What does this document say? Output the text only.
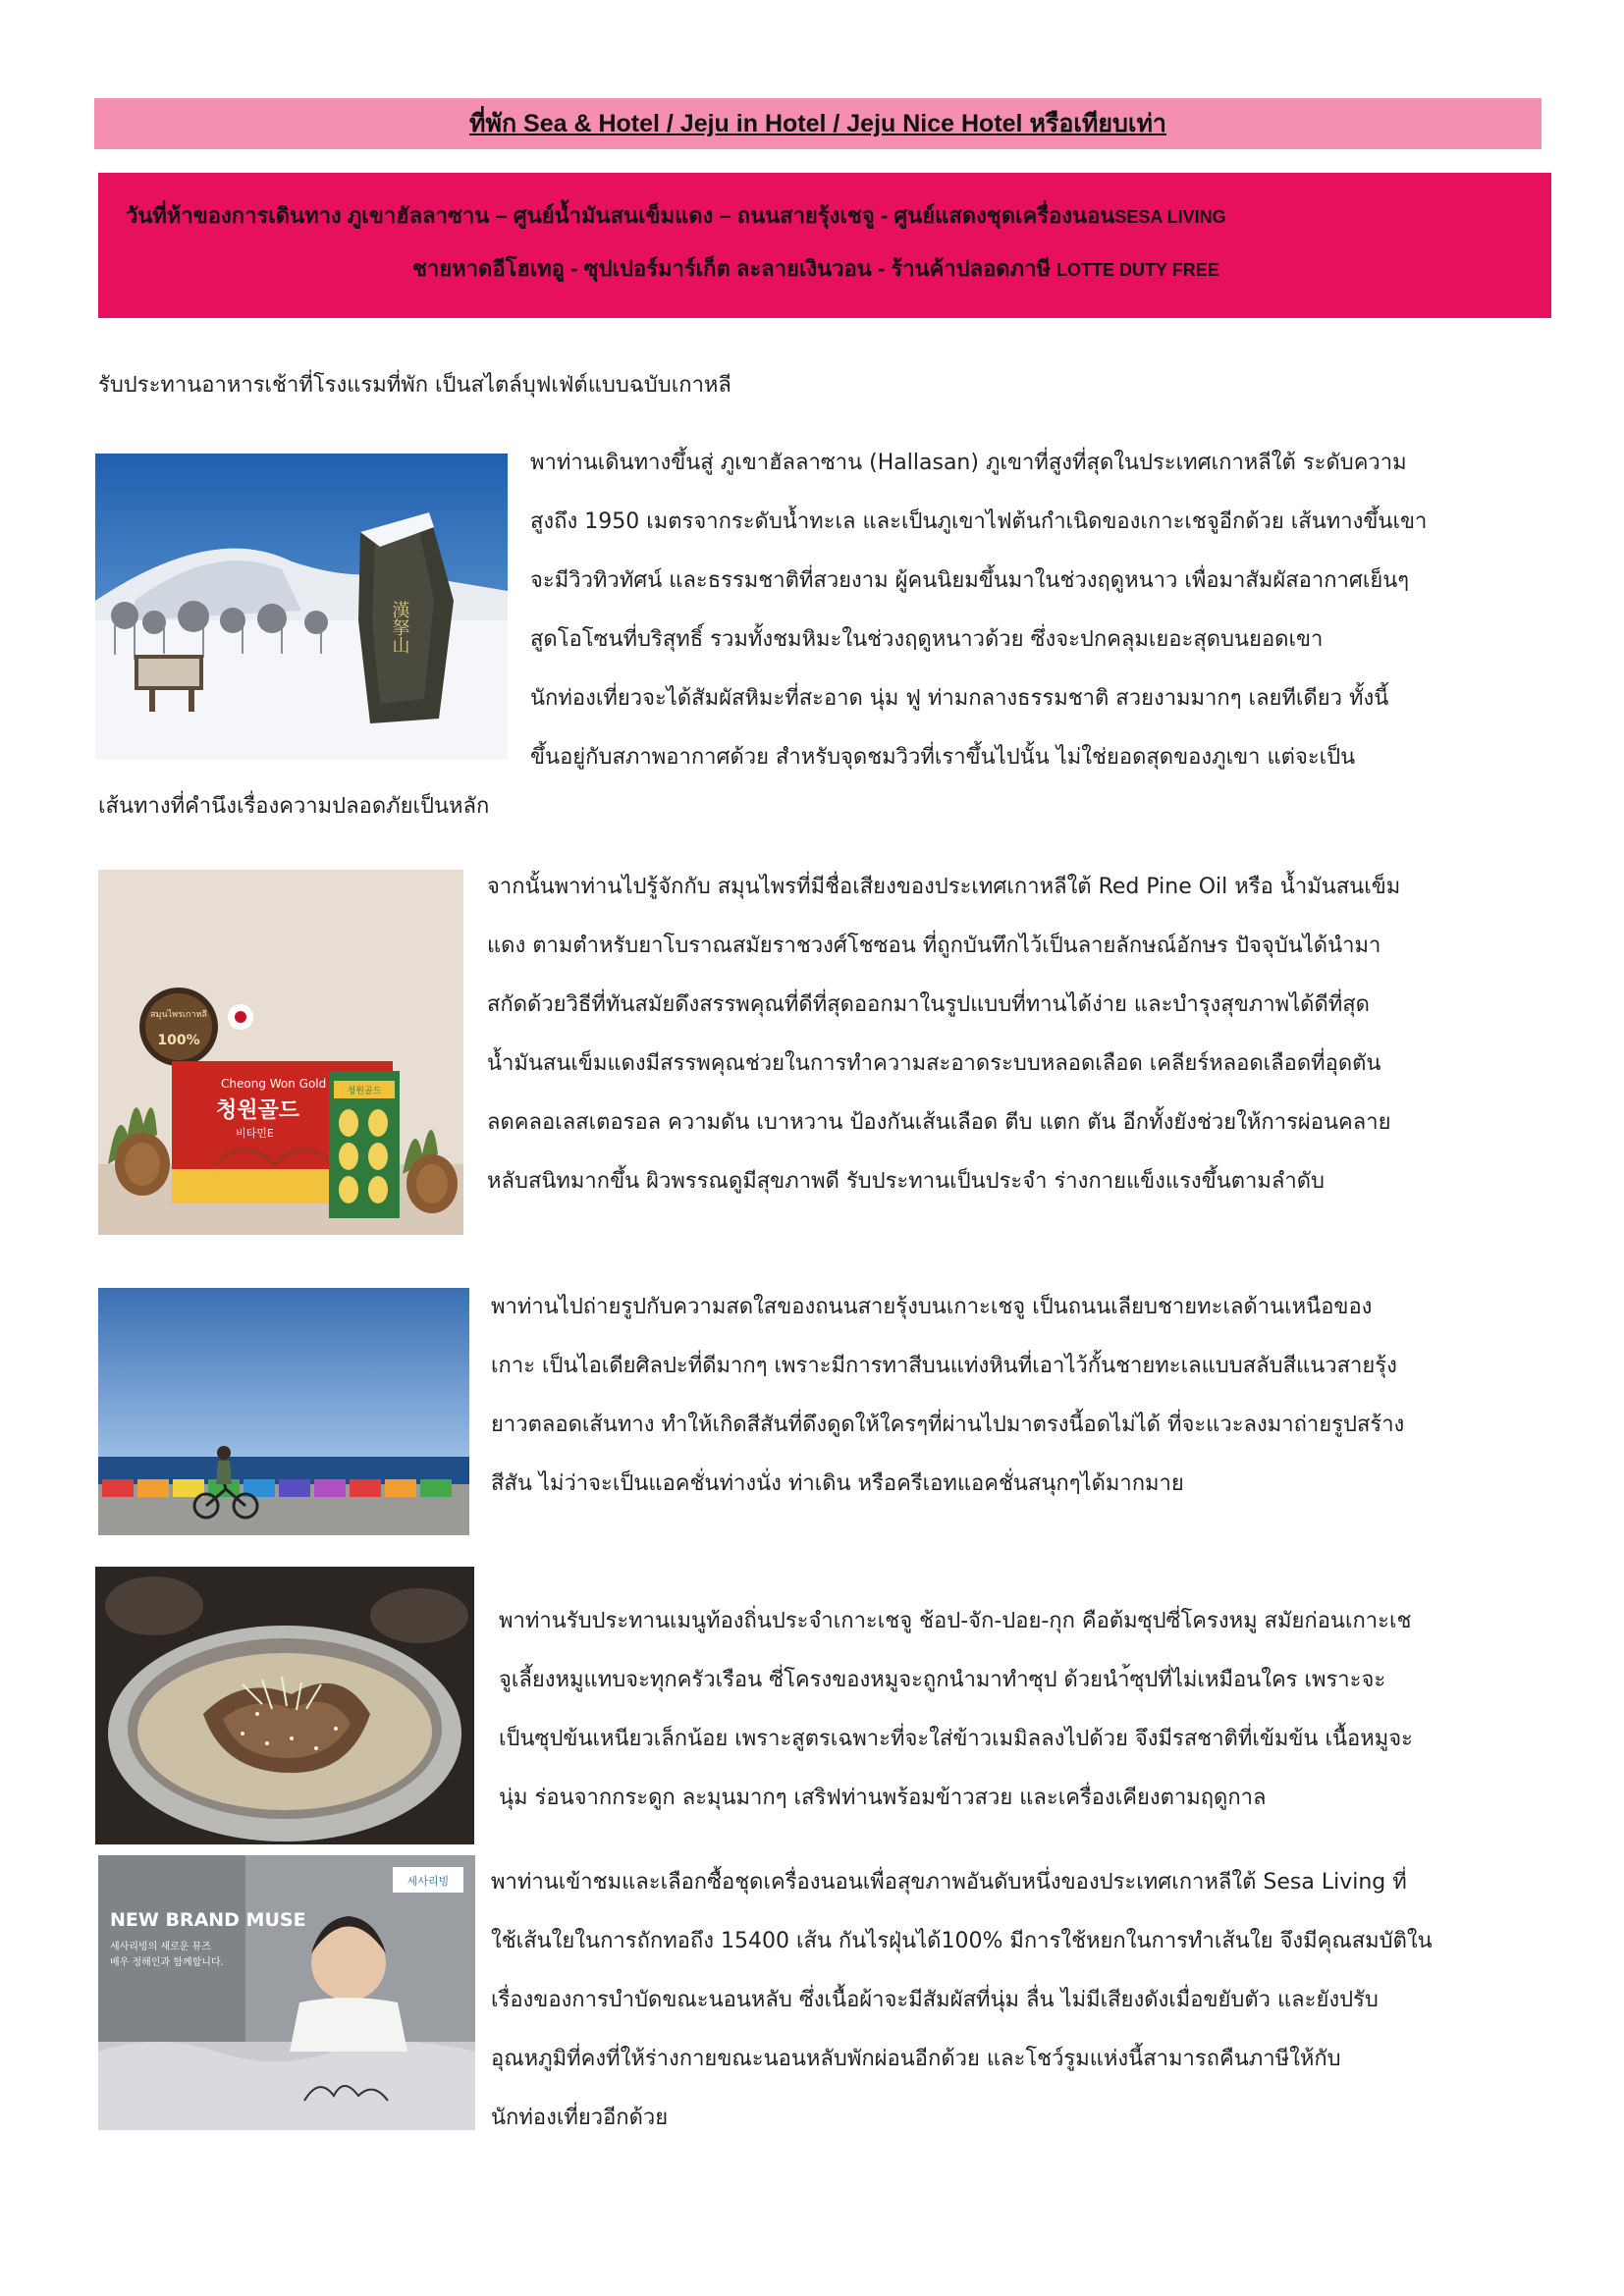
ที่พัก Sea & Hotel / Jeju in Hotel / Jeju Nice Hotel หรือเทียบเท่า
วันที่ห้าของการเดินทาง ภูเขาฮัลลาซาน – ศูนย์น้ำมันสนเข็มแดง – ถนนสายรุ้งเชจู - ศูนย์แสดงชุดเครื่องนอนSESA LIVING
ชายหาดอีโฮเทอู - ซุปเปอร์มาร์เก็ต ละลายเงินวอน - ร้านค้าปลอดภาษี LOTTE DUTY FREE
รับประทานอาหารเช้าที่โรงแรมที่พัก เป็นสไตล์บุฟเฟ่ต์แบบฉบับเกาหลี
漢拏山
พาท่านเดินทางขึ้นสู่ ภูเขาฮัลลาซาน (Hallasan) ภูเขาที่สูงที่สุดในประเทศเกาหลีใต้ ระดับความ
สูงถึง 1950 เมตรจากระดับน้ำทะเล และเป็นภูเขาไฟต้นกำเนิดของเกาะเชจูอีกด้วย เส้นทางขึ้นเขา
จะมีวิวทิวทัศน์ และธรรมชาติที่สวยงาม ผู้คนนิยมขึ้นมาในช่วงฤดูหนาว เพื่อมาสัมผัสอากาศเย็นๆ
สูดโอโซนที่บริสุทธิ์ รวมทั้งชมหิมะในช่วงฤดูหนาวด้วย ซึ่งจะปกคลุมเยอะสุดบนยอดเขา
นักท่องเที่ยวจะได้สัมผัสหิมะที่สะอาด นุ่ม ฟู ท่ามกลางธรรมชาติ สวยงามมากๆ เลยทีเดียว ทั้งนี้
ขึ้นอยู่กับสภาพอากาศด้วย สำหรับจุดชมวิวที่เราขึ้นไปนั้น ไม่ใช่ยอดสุดของภูเขา แต่จะเป็น
เส้นทางที่คำนึงเรื่องความปลอดภัยเป็นหลัก
สมุนไพรเกาหลี
100%
Cheong Won Gold
청원골드
비타민E
청원골드
จากนั้นพาท่านไปรู้จักกับ สมุนไพรที่มีชื่อเสียงของประเทศเกาหลีใต้ Red Pine Oil หรือ น้ำมันสนเข็ม
แดง ตามตำหรับยาโบราณสมัยราชวงศ์โชซอน ที่ถูกบันทึกไว้เป็นลายลักษณ์อักษร ปัจจุบันได้นำมา
สกัดด้วยวิธีที่ทันสมัยดึงสรรพคุณที่ดีที่สุดออกมาในรูปแบบที่ทานได้ง่าย และบำรุงสุขภาพได้ดีที่สุด
น้ำมันสนเข็มแดงมีสรรพคุณช่วยในการทำความสะอาดระบบหลอดเลือด เคลียร์หลอดเลือดที่อุดตัน
ลดคลอเลสเตอรอล ความดัน เบาหวาน ป้องกันเส้นเลือด ตีบ แตก ตัน อีกทั้งยังช่วยให้การผ่อนคลาย
หลับสนิทมากขึ้น ผิวพรรณดูมีสุขภาพดี รับประทานเป็นประจำ ร่างกายแข็งแรงขึ้นตามลำดับ
พาท่านไปถ่ายรูปกับความสดใสของถนนสายรุ้งบนเกาะเชจู เป็นถนนเลียบชายทะเลด้านเหนือของ
เกาะ เป็นไอเดียศิลปะที่ดีมากๆ เพราะมีการทาสีบนแท่งหินที่เอาไว้กั้นชายทะเลแบบสลับสีแนวสายรุ้ง
ยาวตลอดเส้นทาง ทำให้เกิดสีสันที่ดึงดูดให้ใครๆที่ผ่านไปมาตรงนี้อดไม่ได้ ที่จะแวะลงมาถ่ายรูปสร้าง
สีสัน ไม่ว่าจะเป็นแอคชั่นท่างนั่ง ท่าเดิน หรือครีเอทแอคชั่นสนุกๆได้มากมาย
พาท่านรับประทานเมนูท้องถิ่นประจำเกาะเชจู ช้อป-จัก-ปอย-กุก คือต้มซุปซี่โครงหมู สมัยก่อนเกาะเช
จูเลี้ยงหมูแทบจะทุกครัวเรือน ซี่โครงของหมูจะถูกนำมาทำซุป ด้วยนำ้ซุปที่ไม่เหมือนใคร เพราะจะ
เป็นซุปข้นเหนียวเล็กน้อย เพราะสูตรเฉพาะที่จะใส่ข้าวเมมิลลงไปด้วย จึงมีรสชาติที่เข้มข้น เนื้อหมูจะ
นุ่ม ร่อนจากกระดูก ละมุนมากๆ เสริฟท่านพร้อมข้าวสวย และเครื่องเคียงตามฤดูกาล
세사리빙
NEW BRAND MUSE
세사리빙의 새로운 뮤즈
배우 정해인과 함께합니다.
พาท่านเข้าชมและเลือกซื้อชุดเครื่องนอนเพื่อสุขภาพอันดับหนึ่งของประเทศเกาหลีใต้ Sesa Living ที่
ใช้เส้นใยในการถักทอถึง 15400 เส้น กันไรฝุ่นได้100% มีการใช้หยกในการทำเส้นใย จึงมีคุณสมบัติใน
เรื่องของการบำบัดขณะนอนหลับ ซึ่งเนื้อผ้าจะมีสัมผัสที่นุ่ม ลื่น ไม่มีเสียงดังเมื่อขยับตัว และยังปรับ
อุณหภูมิที่คงที่ให้ร่างกายขณะนอนหลับพักผ่อนอีกด้วย และโชว์รูมแห่งนี้สามารถคืนภาษีให้กับ
นักท่องเที่ยวอีกด้วย
